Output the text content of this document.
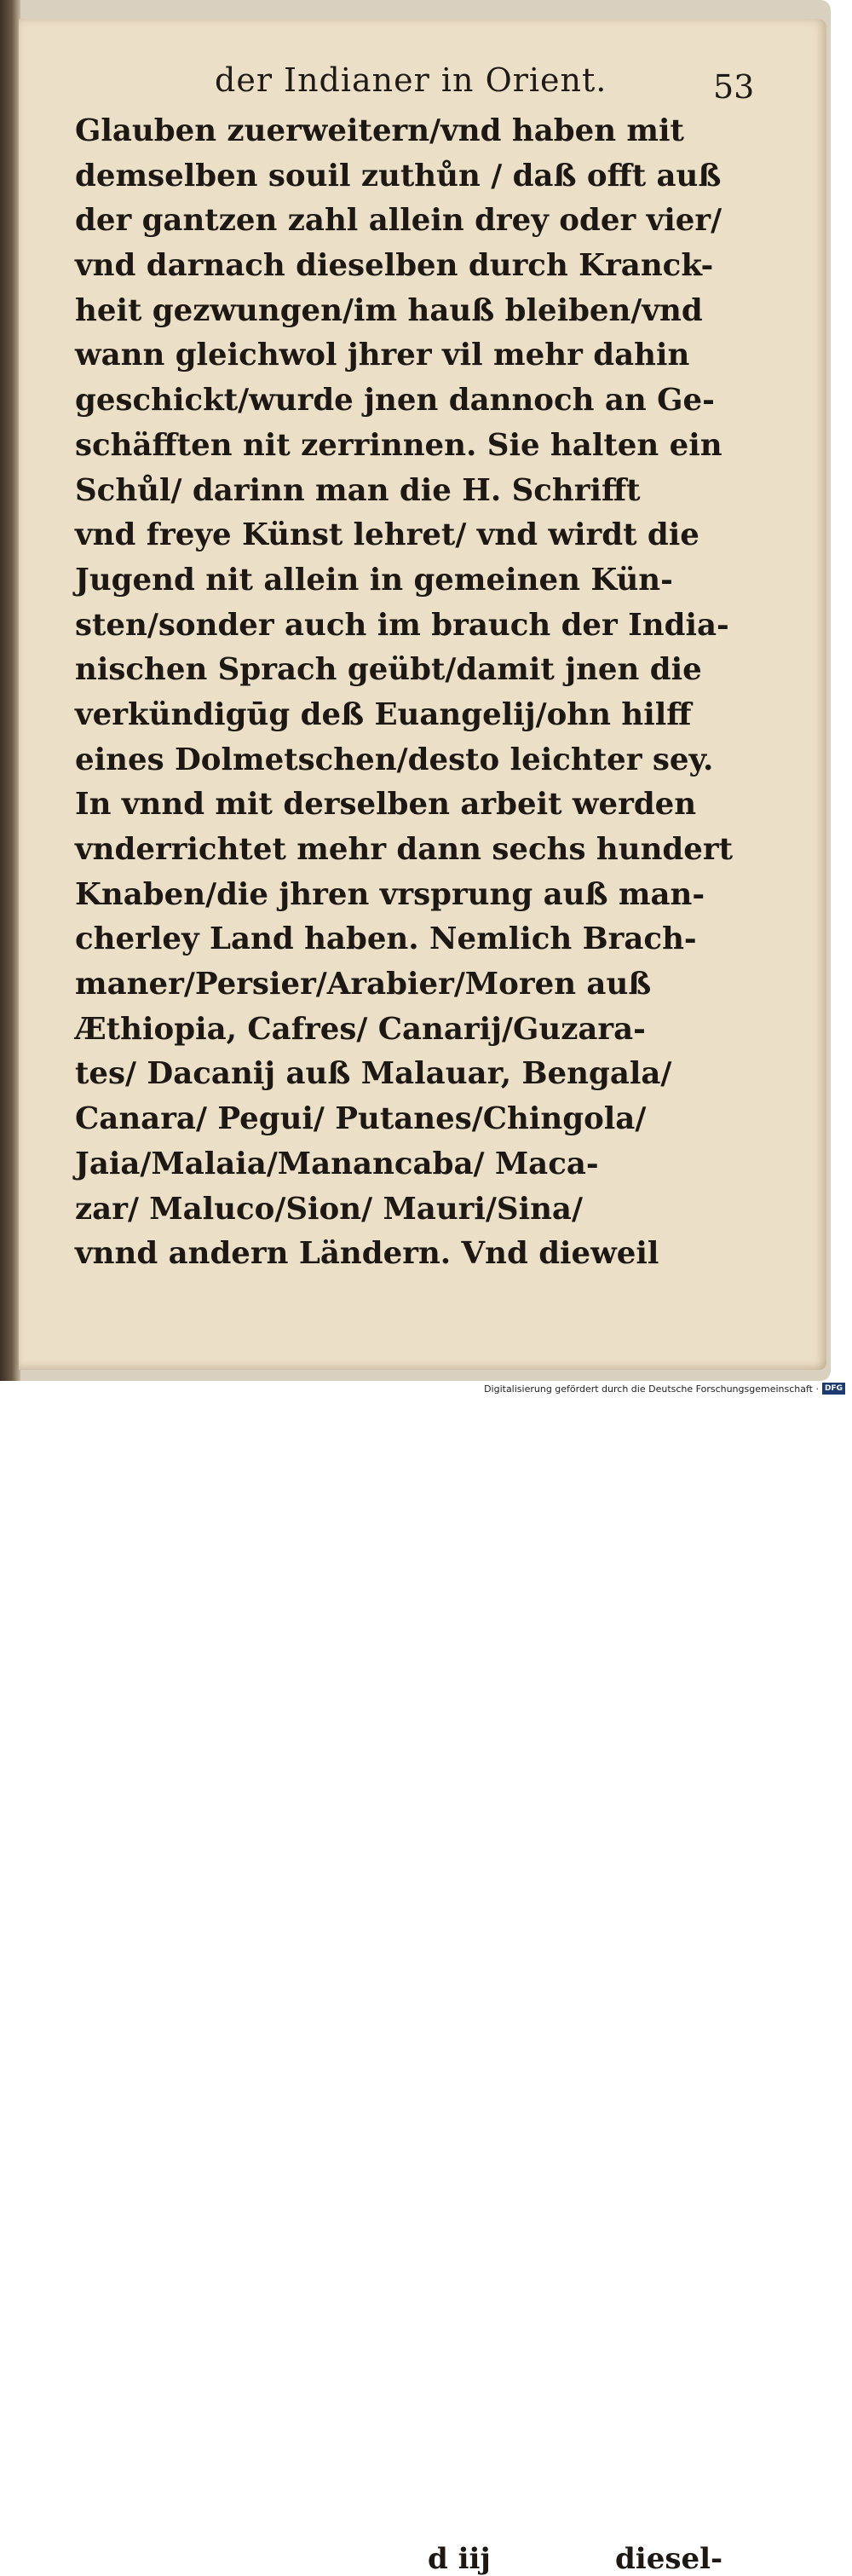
der Indianer in Orient.	53
Glauben zuerweitern/vnd haben mit
demselben souil zuthůn / daß offt auß
der gantzen zahl allein drey oder vier/
vnd darnach dieselben durch Kranck-
heit gezwungen/im hauß bleiben/vnd
wann gleichwol jhrer vil mehr dahin
geschickt/wurde jnen dannoch an Ge-
schäfften nit zerrinnen. Sie halten ein
Schůl/ darinn man die H. Schrifft
vnd freye Künst lehret/ vnd wirdt die
Jugend nit allein in gemeinen Kün-
sten/sonder auch im brauch der India-
nischen Sprach geübt/damit jnen die
verkündigūg deß Euangelij/ohn hilff
eines Dolmetschen/desto leichter sey.
In vnnd mit derselben arbeit werden
vnderrichtet mehr dann sechs hundert
Knaben/die jhren vrsprung auß man-
cherley Land haben. Nemlich Brach-
maner/Persier/Arabier/Moren auß
Æthiopia, Cafres/ Canarij/Guzara-
tes/ Dacanij auß Malauar, Bengala/
Canara/ Pegui/ Putanes/Chingola/
Jaia/Malaia/Manancaba/ Maca-
zar/ Maluco/Sion/ Mauri/Sina/
vnnd andern Ländern. Vnd dieweil
d iij	diesel-
Digitalisierung gefördert durch die Deutsche Forschungsgemeinschaft · DFG
